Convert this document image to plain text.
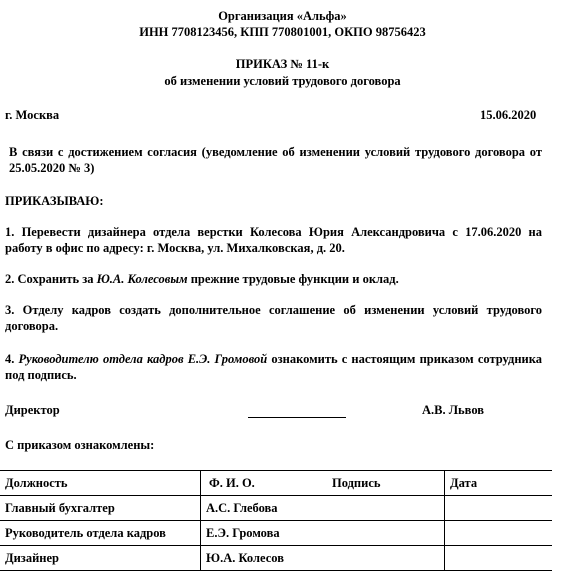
Организация «Альфа»
ИНН 7708123456, КПП 770801001, ОКПО 98756423
ПРИКАЗ № 11-к
об изменении условий трудового договора
г. Москва	15.06.2020
В связи с достижением согласия (уведомление об изменении условий трудового договора от 25.05.2020 № 3)
ПРИКАЗЫВАЮ:
1. Перевести дизайнера отдела верстки Колесова Юрия Александровича с 17.06.2020 на работу в офис по адресу: г. Москва, ул. Михалковская, д. 20.
2. Сохранить за Ю.А. Колесовым прежние трудовые функции и оклад.
3. Отделу кадров создать дополнительное соглашение об изменении условий трудового договора.
4. Руководителю отдела кадров Е.Э. Громовой ознакомить с настоящим приказом сотрудника под подпись.
Директор	А.В. Львов
С приказом ознакомлены:
Должность	Ф. И. О.	Подпись	Дата
Главный бухгалтер	А.С. Глебова		
Руководитель отдела кадров	Е.Э. Громова		
Дизайнер	Ю.А. Колесов		
